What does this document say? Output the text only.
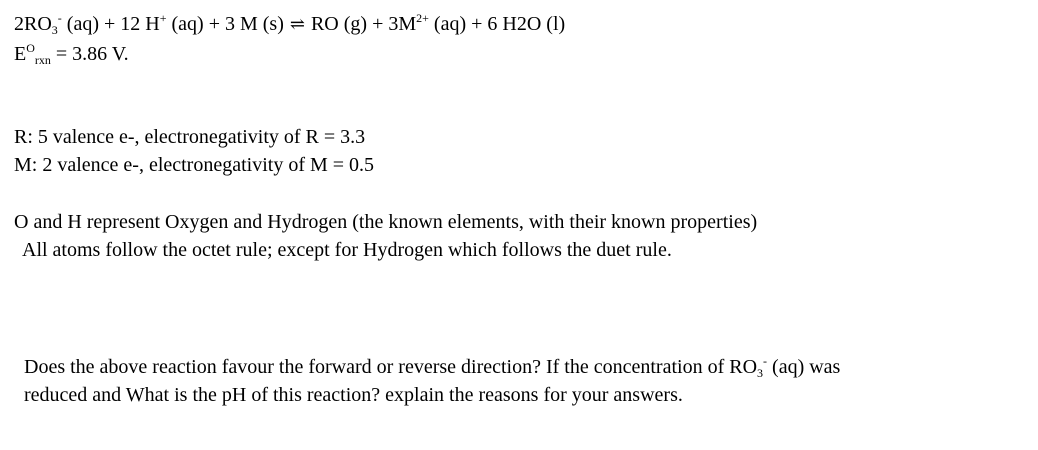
$2RO_3^-$ (aq) + 12 H+ (aq) + 3 M (s) ⇌ RO $(g) + 3M^{2+}$ (aq) + 6 H2O (l)
$E^O_{rxn} = 3.86$ V.
R: 5 valence e-, electronegativity of R = 3.3
M: 2 valence e-, electronegativity of M = 0.5
O and H represent Oxygen and Hydrogen (the known elements, with their known properties)
All atoms follow the octet rule; except for Hydrogen which follows the duet rule.
Does the above reaction favour the forward or reverse direction? If the concentration of $RO_3^-$ (aq) was
reduced and What is the pH of this reaction? explain the reasons for your answers.
